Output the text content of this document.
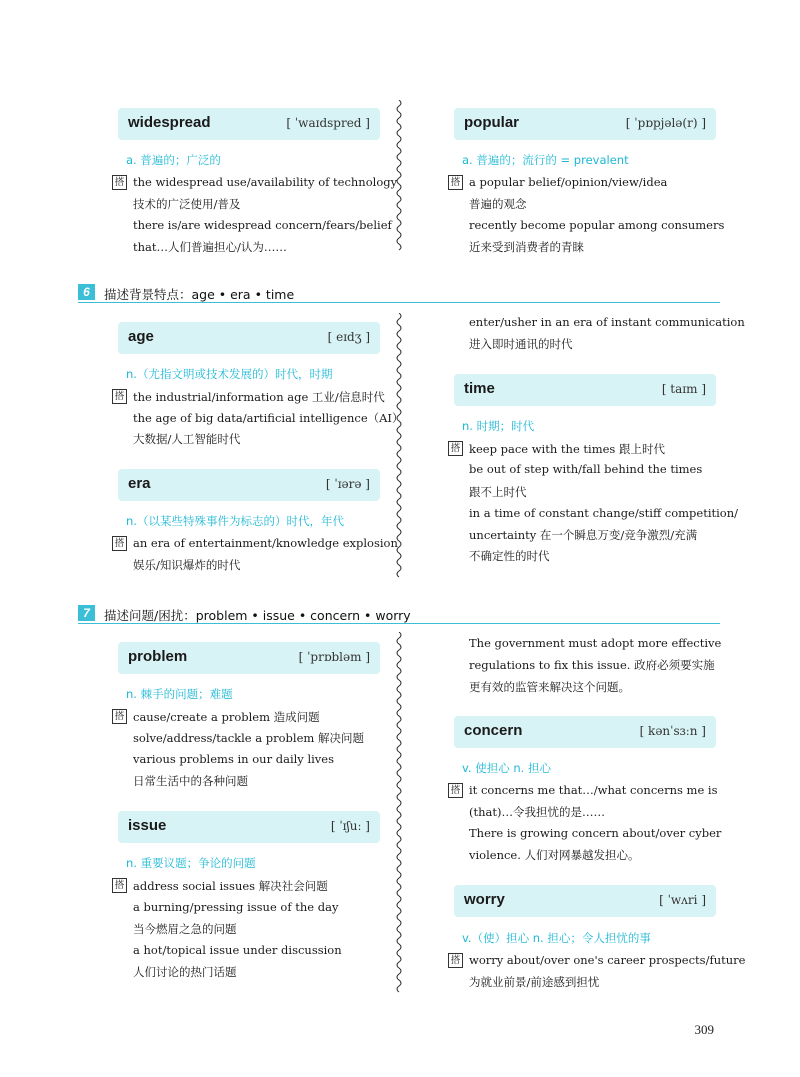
widespread	[ ˈwaɪdspred ]
a. 普遍的；广泛的
搭 the widespread use/availability of technology
技术的广泛使用/普及
there is/are widespread concern/fears/belief
that…人们普遍担心/认为……
popular	[ ˈpɒpjələ(r) ]
a. 普遍的；流行的 = prevalent
搭 a popular belief/opinion/view/idea
普遍的观念
recently become popular among consumers
近来受到消费者的青睐
6	描述背景特点：age • era • time
age	[ eɪdʒ ]
n.（尤指文明或技术发展的）时代，时期
搭 the industrial/information age 工业/信息时代
the age of big data/artificial intelligence（AI）
大数据/人工智能时代
era	[ ˈɪərə ]
n.（以某些特殊事件为标志的）时代，年代
搭 an era of entertainment/knowledge explosion
娱乐/知识爆炸的时代
enter/usher in an era of instant communication
进入即时通讯的时代
time	[ taɪm ]
n. 时期；时代
搭 keep pace with the times 跟上时代
be out of step with/fall behind the times
跟不上时代
in a time of constant change/stiff competition/
uncertainty 在一个瞬息万变/竞争激烈/充满
不确定性的时代
7	描述问题/困扰：problem • issue • concern • worry
problem	[ ˈprɒbləm ]
n. 棘手的问题；难题
搭 cause/create a problem 造成问题
solve/address/tackle a problem 解决问题
various problems in our daily lives
日常生活中的各种问题
issue	[ ˈɪʃuː ]
n. 重要议题；争论的问题
搭 address social issues 解决社会问题
a burning/pressing issue of the day
当今燃眉之急的问题
a hot/topical issue under discussion
人们讨论的热门话题
The government must adopt more effective
regulations to fix this issue. 政府必须要实施
更有效的监管来解决这个问题。
concern	[ kənˈsɜːn ]
v. 使担心 n. 担心
搭 it concerns me that…/what concerns me is
(that)…令我担忧的是……
There is growing concern about/over cyber
violence. 人们对网暴越发担心。
worry	[ ˈwʌri ]
v.（使）担心 n. 担心；令人担忧的事
搭 worry about/over one's career prospects/future
为就业前景/前途感到担忧
309
